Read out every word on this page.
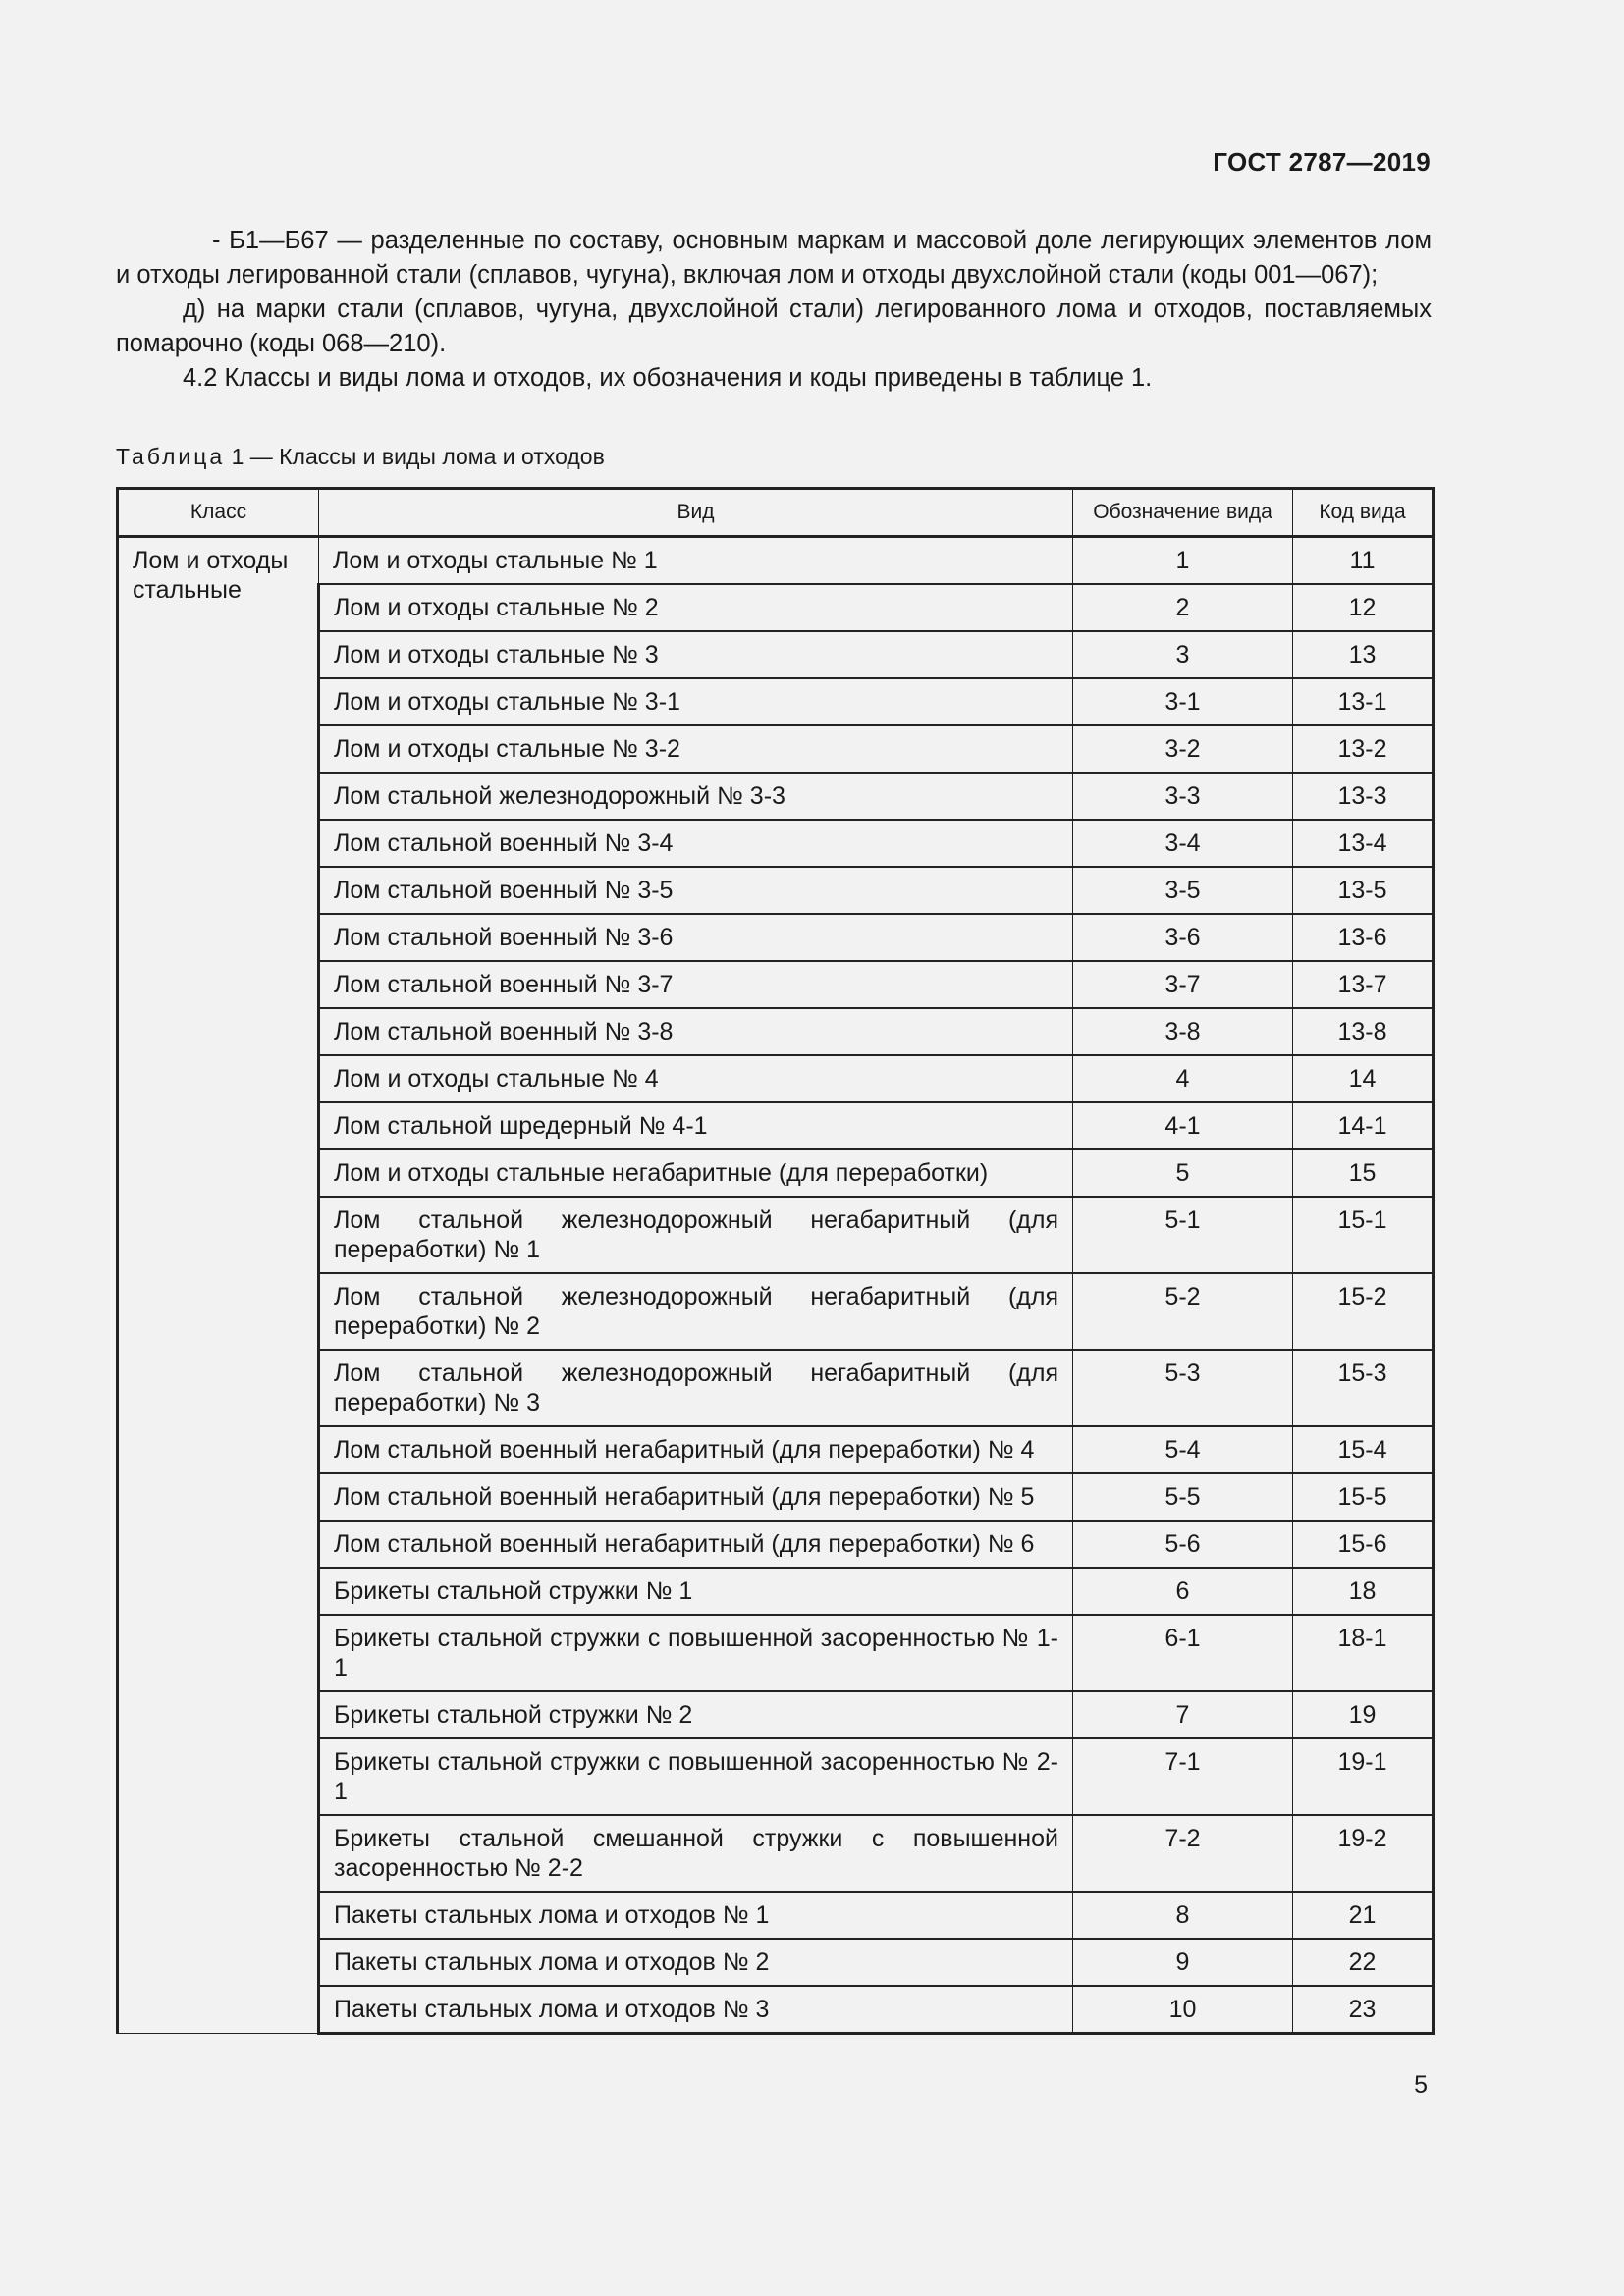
ГОСТ 2787—2019

- Б1—Б67 — разделенные по составу, основным маркам и массовой доле легирующих элементов лом и отходы легированной стали (сплавов, чугуна), включая лом и отходы двухслойной стали (коды 001—067);

д) на марки стали (сплавов, чугуна, двухслойной стали) легированного лома и отходов, поставляемых помарочно (коды 068—210).

4.2 Классы и виды лома и отходов, их обозначения и коды приведены в таблице 1.

Таблица 1 — Классы и виды лома и отходов
Класс	Вид	Обозначение вида	Код вида
Лом и отходы стальные	Лом и отходы стальные № 1	1	11
	Лом и отходы стальные № 2	2	12
	Лом и отходы стальные № 3	3	13
	Лом и отходы стальные № 3-1	3-1	13-1
	Лом и отходы стальные № 3-2	3-2	13-2
	Лом стальной железнодорожный № 3-3	3-3	13-3
	Лом стальной военный № 3-4	3-4	13-4
	Лом стальной военный № 3-5	3-5	13-5
	Лом стальной военный № 3-6	3-6	13-6
	Лом стальной военный № 3-7	3-7	13-7
	Лом стальной военный № 3-8	3-8	13-8
	Лом и отходы стальные № 4	4	14
	Лом стальной шредерный № 4-1	4-1	14-1
	Лом и отходы стальные негабаритные (для переработки)	5	15
	Лом стальной железнодорожный негабаритный (для переработки) № 1	5-1	15-1
	Лом стальной железнодорожный негабаритный (для переработки) № 2	5-2	15-2
	Лом стальной железнодорожный негабаритный (для переработки) № 3	5-3	15-3
	Лом стальной военный негабаритный (для переработки) № 4	5-4	15-4
	Лом стальной военный негабаритный (для переработки) № 5	5-5	15-5
	Лом стальной военный негабаритный (для переработки) № 6	5-6	15-6
	Брикеты стальной стружки № 1	6	18
	Брикеты стальной стружки с повышенной засоренностью № 1-1	6-1	18-1
	Брикеты стальной стружки № 2	7	19
	Брикеты стальной стружки с повышенной засоренностью № 2-1	7-1	19-1
	Брикеты стальной смешанной стружки с повышенной засоренностью № 2-2	7-2	19-2
	Пакеты стальных лома и отходов № 1	8	21
	Пакеты стальных лома и отходов № 2	9	22
	Пакеты стальных лома и отходов № 3	10	23
5
